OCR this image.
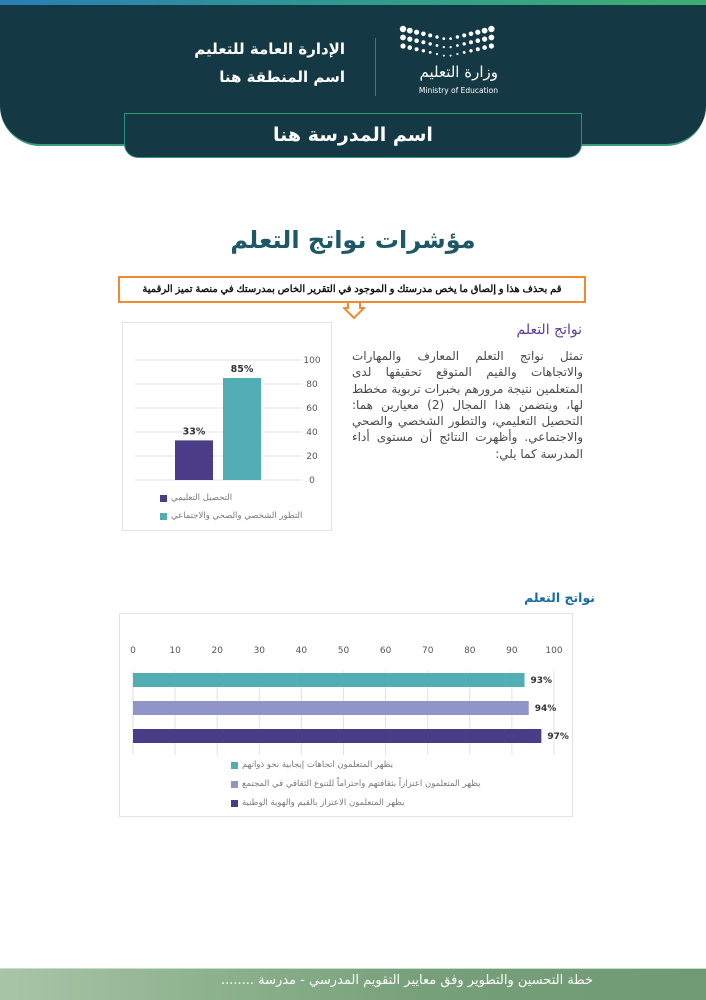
الإدارة العامة للتعليم
اسم المنطقة هنا	وزارة التعليم
Ministry of Education
اسم المدرسة هنا
مؤشرات نواتج التعلم
قم بحذف هذا و إلصاق ما يخص مدرستك و الموجود في التقرير الخاص بمدرستك في منصة تميز الرقمية
0
20
40
60
80
100
33%
85%
التحصيل التعليمي
التطور الشخصي والصحي والاجتماعي
نواتج التعلم
تمثل نواتج التعلم المعارف والمهارات والاتجاهات والقيم المتوقع تحقيقها لدى المتعلمين نتيجة مرورهم بخبرات تربوية مخطط لها، ويتضمن هذا المجال (2) معيارين هما: التحصيل التعليمي، والتطور الشخصي والصحي والاجتماعي. وأظهرت النتائج أن مستوى أداء المدرسة كما يلي:
نواتج التعلم
0	10	20	30	40	50	60	70	80	90	100
93%
94%
97%
يظهر المتعلمون اتجاهات إيجابية نحو ذواتهم
يظهر المتعلمون اعتزازاً بثقافتهم واحتراماً للتنوع الثقافي في المجتمع
يظهر المتعلمون الاعتزاز بالقيم والهوية الوطنية
خطة التحسين والتطوير وفق معايير التقويم المدرسي - مدرسة ........
